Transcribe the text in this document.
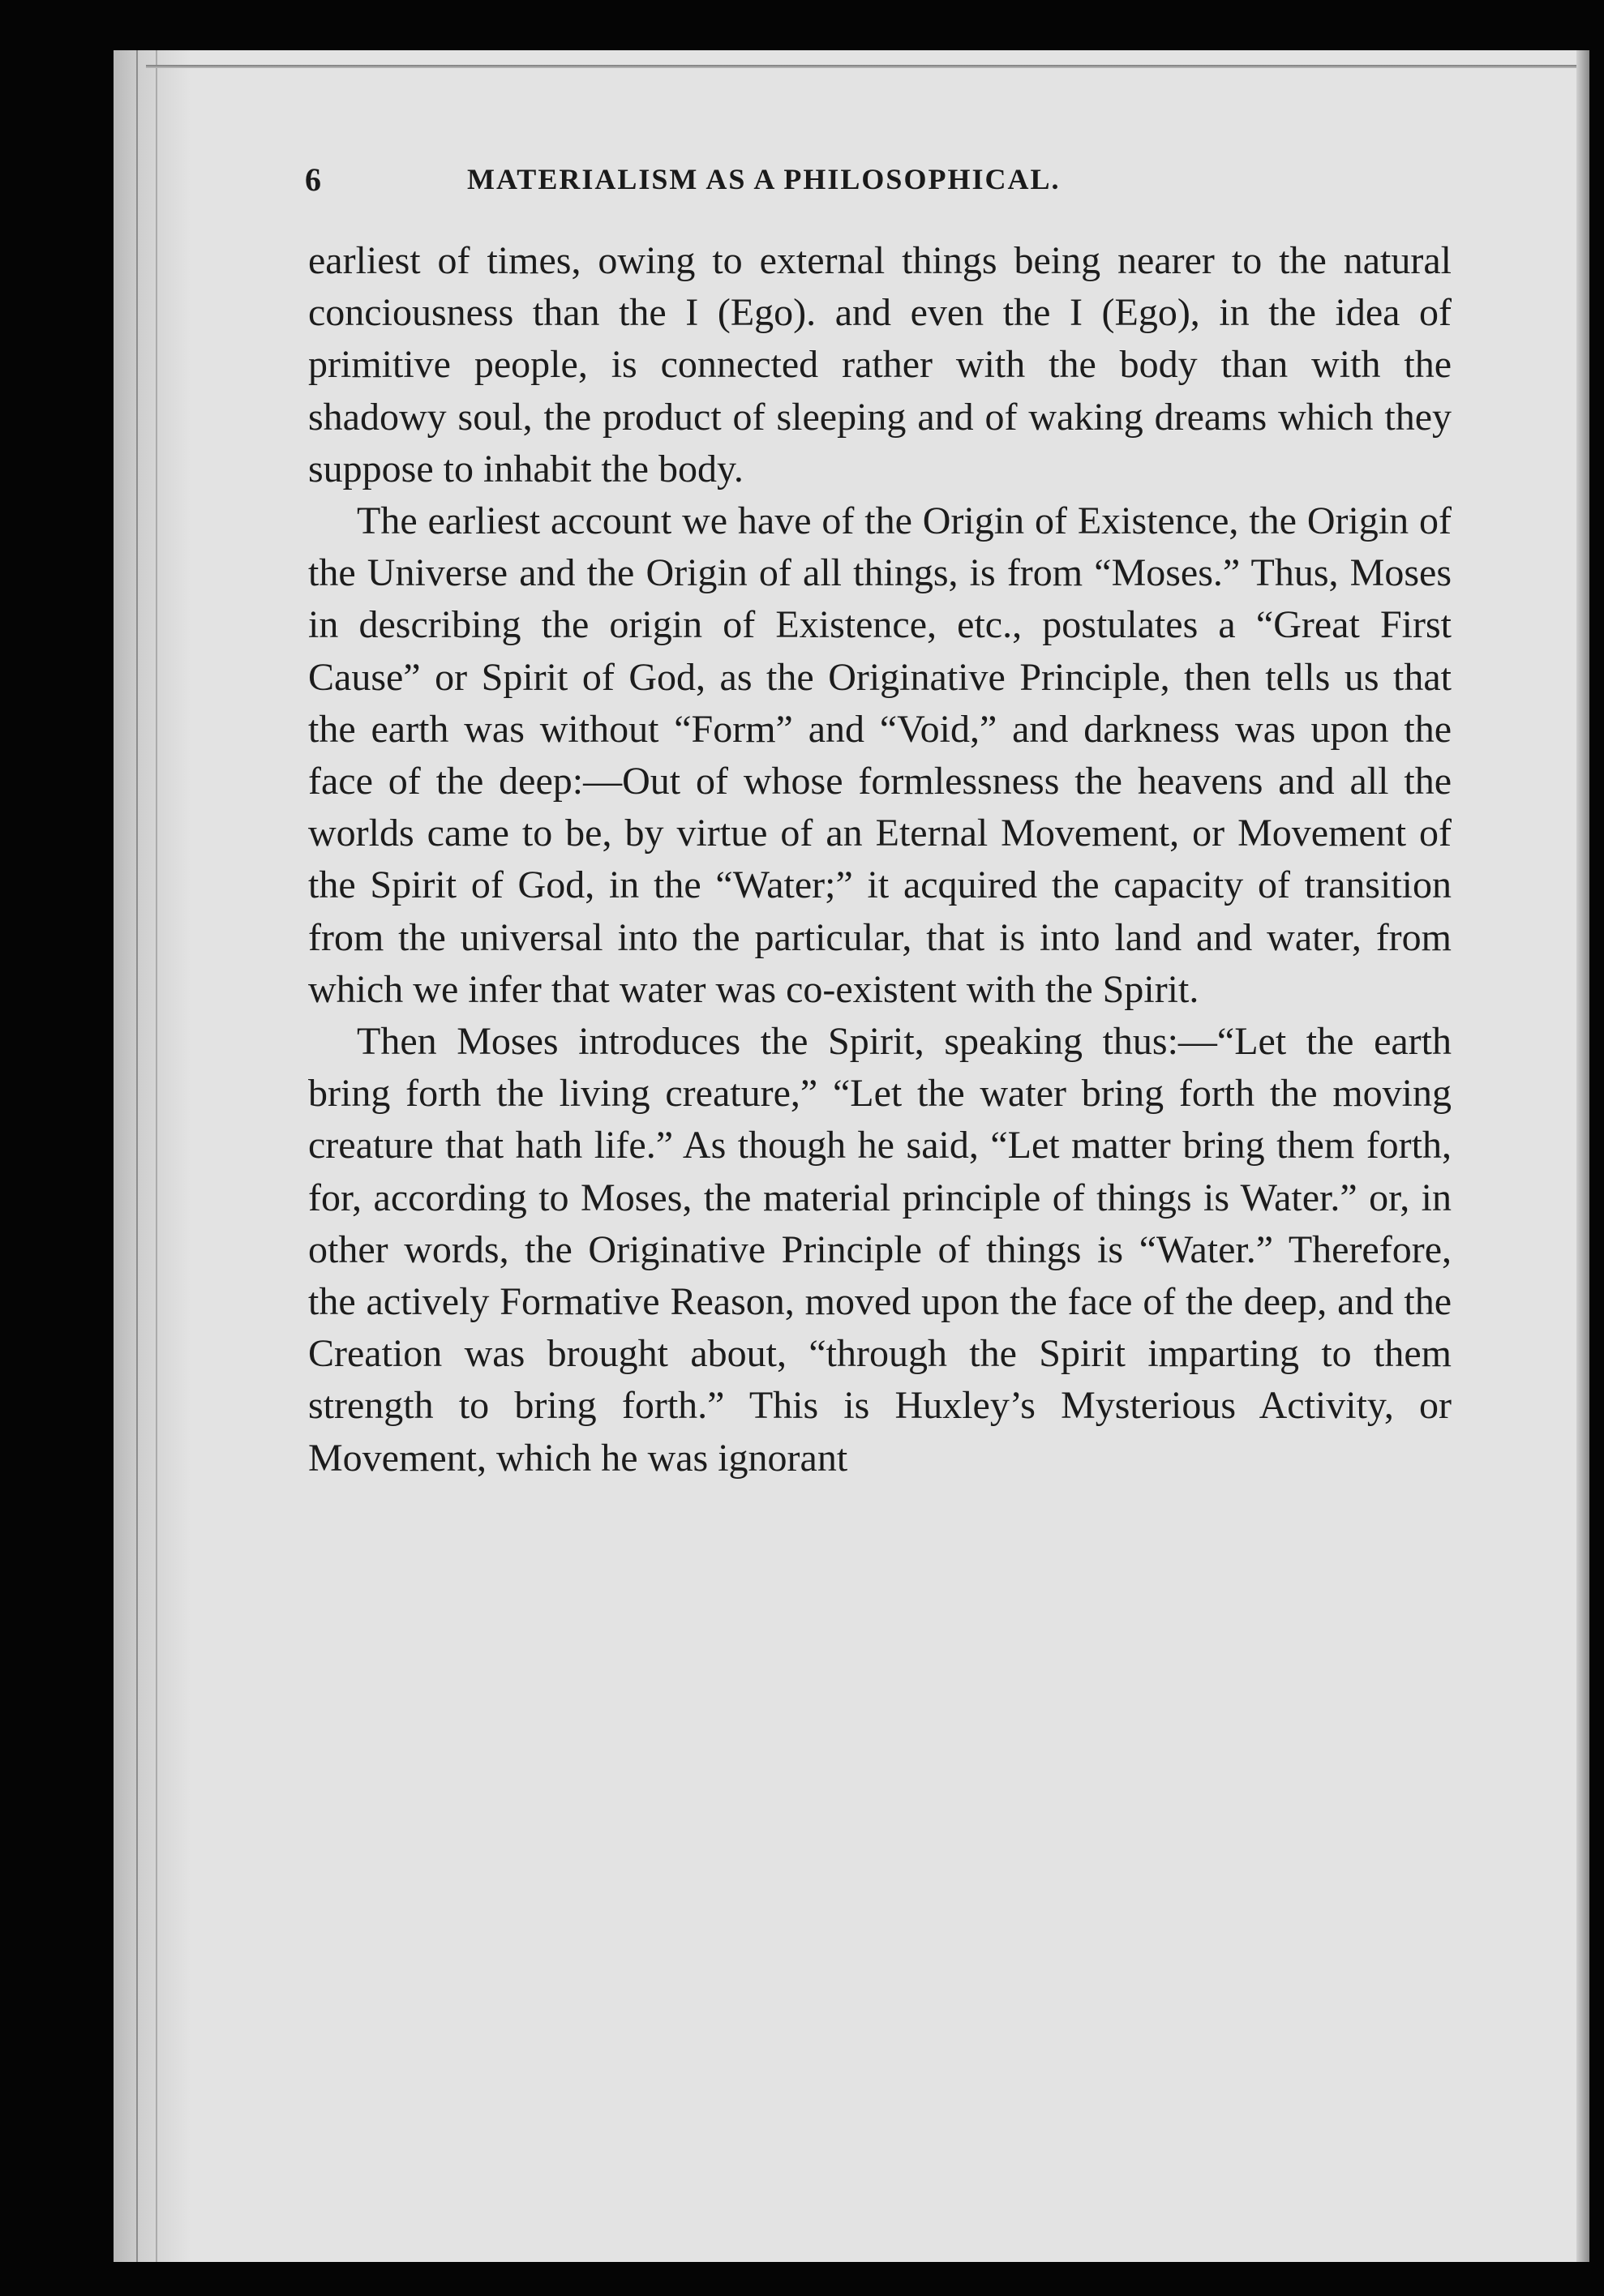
6	MATERIALISM AS A PHILOSOPHICAL.

earliest of times, owing to external things being nearer to the natural conciousness than the I (Ego). and even the I (Ego), in the idea of primitive people, is connected rather with the body than with the shadowy soul, the product of sleeping and of waking dreams which they suppose to inhabit the body.

The earliest account we have of the Origin of Existence, the Origin of the Universe and the Origin of all things, is from “Moses.” Thus, Moses in describing the origin of Existence, etc., postulates a “Great First Cause” or Spirit of God, as the Originative Principle, then tells us that the earth was without “Form” and “Void,” and darkness was upon the face of the deep:—Out of whose formlessness the heavens and all the worlds came to be, by virtue of an Eternal Movement, or Movement of the Spirit of God, in the “Water;” it acquired the capacity of transition from the universal into the particular, that is into land and water, from which we infer that water was co-existent with the Spirit.

Then Moses introduces the Spirit, speaking thus:—“Let the earth bring forth the living creature,” “Let the water bring forth the moving creature that hath life.” As though he said, “Let matter bring them forth, for, according to Moses, the material principle of things is Water.” or, in other words, the Originative Principle of things is “Water.” Therefore, the actively Formative Reason, moved upon the face of the deep, and the Creation was brought about, “through the Spirit imparting to them strength to bring forth.” This is Huxley’s Mysterious Activity, or Movement, which he was ignorant
